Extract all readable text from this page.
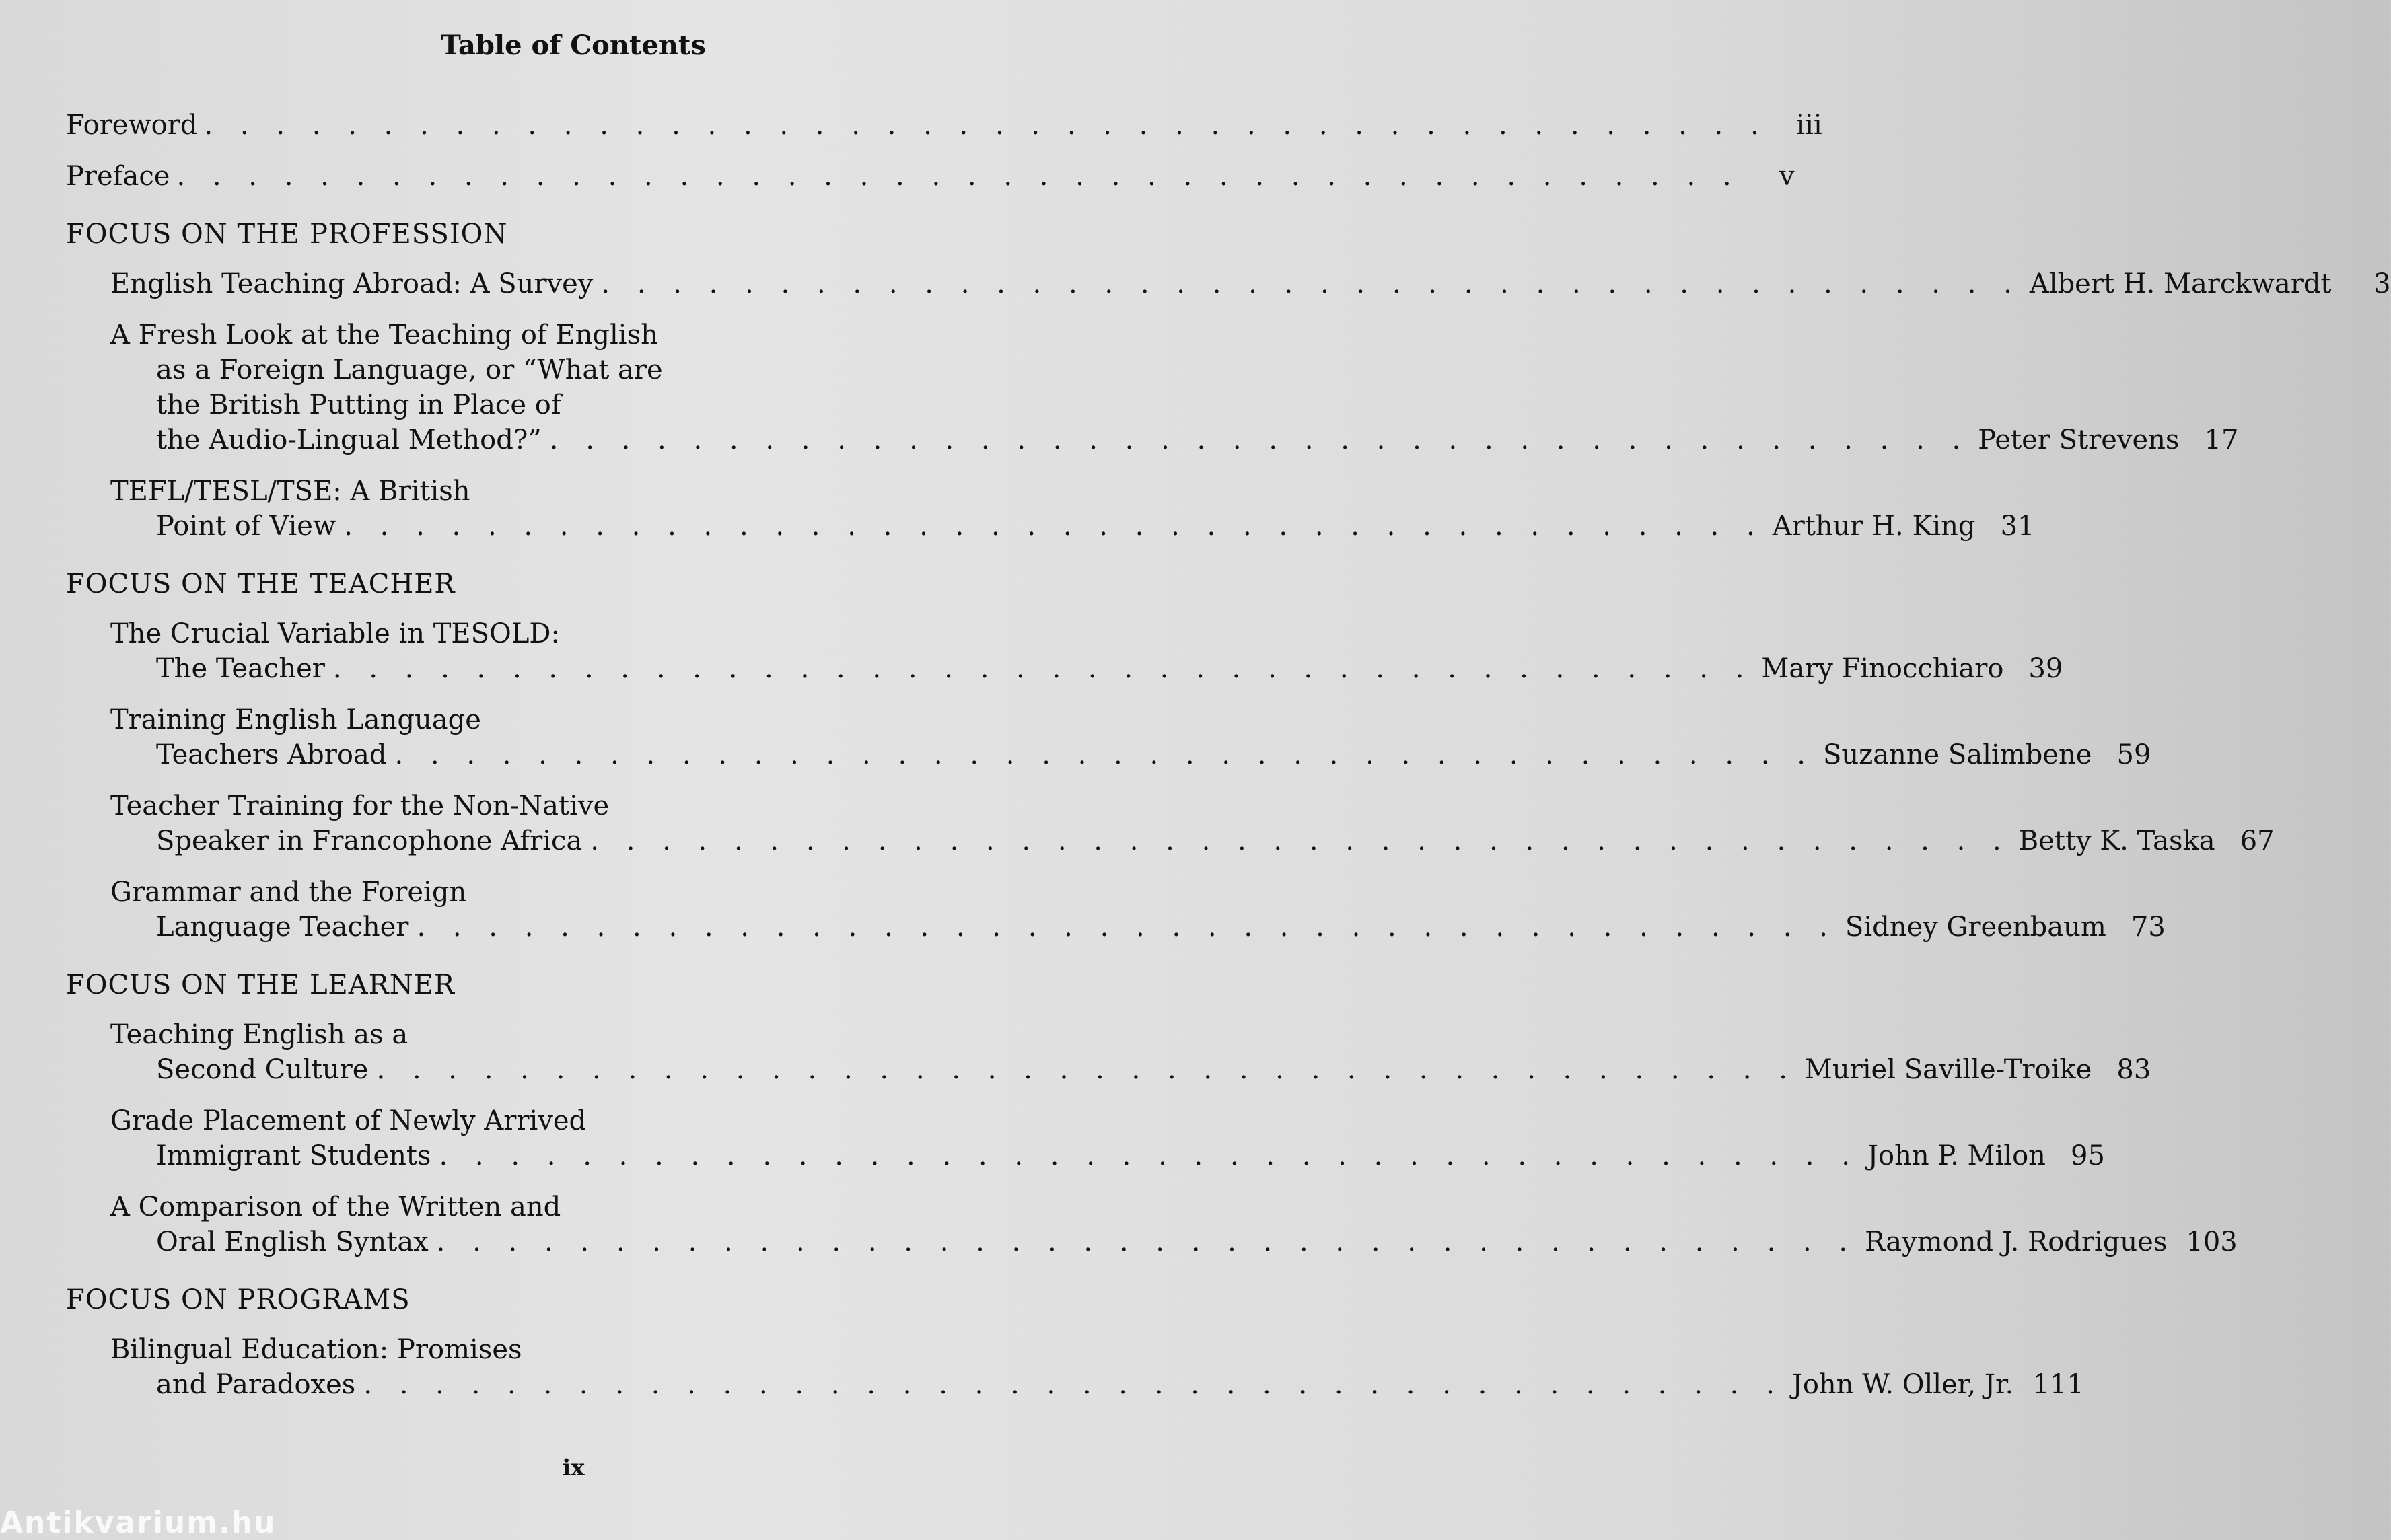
Table of Contents
Foreword . . . . . . . . . . . . . . . . . . . . . . . . . . . . . . . . . . . . . . . . . . . .	iii
Preface . . . . . . . . . . . . . . . . . . . . . . . . . . . . . . . . . . . . . . . . . . . .	v
FOCUS ON THE PROFESSION
English Teaching Abroad: A Survey . . . . . . . . . . . . . . . . . . . . . . . . . . . . . . . . . . . . . . . . Albert H. Marckwardt	3
A Fresh Look at the Teaching of English
as a Foreign Language, or “What are
the British Putting in Place of
the Audio-Lingual Method?” . . . . . . . . . . . . . . . . . . . . . . . . . . . . . . . . . . . . . . . . Peter Strevens 17
TEFL/TESL/TSE: A British
Point of View . . . . . . . . . . . . . . . . . . . . . . . . . . . . . . . . . . . . . . . . Arthur H. King 31
FOCUS ON THE TEACHER
The Crucial Variable in TESOLD:
The Teacher . . . . . . . . . . . . . . . . . . . . . . . . . . . . . . . . . . . . . . . . Mary Finocchiaro 39
Training English Language
Teachers Abroad . . . . . . . . . . . . . . . . . . . . . . . . . . . . . . . . . . . . . . . . Suzanne Salimbene 59
Teacher Training for the Non-Native
Speaker in Francophone Africa . . . . . . . . . . . . . . . . . . . . . . . . . . . . . . . . . . . . . . . . Betty K. Taska 67
Grammar and the Foreign
Language Teacher . . . . . . . . . . . . . . . . . . . . . . . . . . . . . . . . . . . . . . . . Sidney Greenbaum 73
FOCUS ON THE LEARNER
Teaching English as a
Second Culture . . . . . . . . . . . . . . . . . . . . . . . . . . . . . . . . . . . . . . . . Muriel Saville-Troike 83
Grade Placement of Newly Arrived
Immigrant Students . . . . . . . . . . . . . . . . . . . . . . . . . . . . . . . . . . . . . . . . John P. Milon 95
A Comparison of the Written and
Oral English Syntax . . . . . . . . . . . . . . . . . . . . . . . . . . . . . . . . . . . . . . . . Raymond J. Rodrigues 103
FOCUS ON PROGRAMS
Bilingual Education: Promises
and Paradoxes . . . . . . . . . . . . . . . . . . . . . . . . . . . . . . . . . . . . . . . . John W. Oller, Jr. 111
ix
Antikvarium.hu
